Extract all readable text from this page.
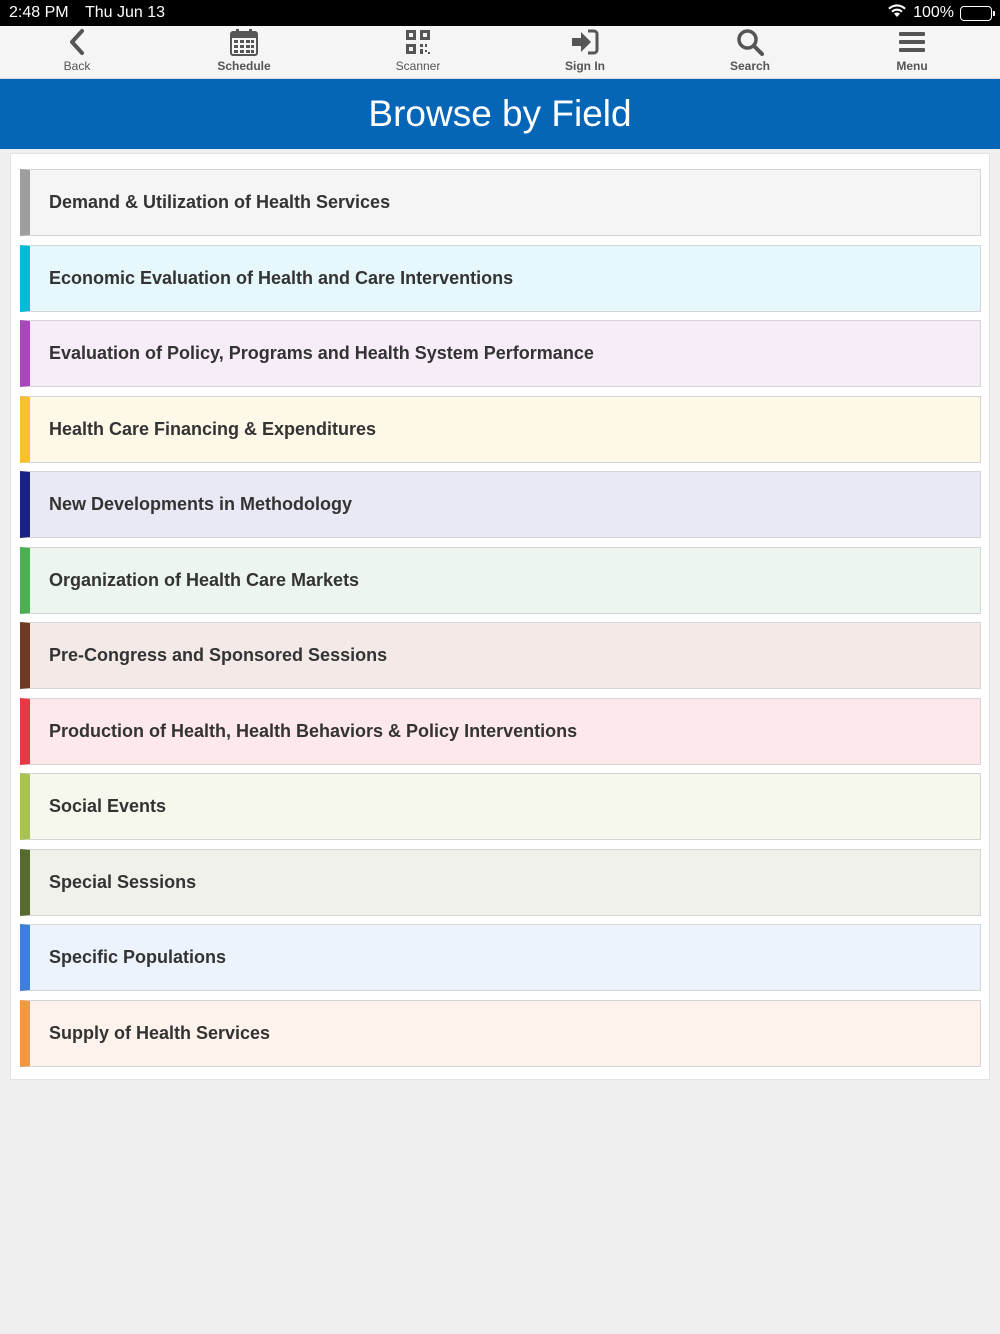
2:48 PM Thu Jun 13	100%
Back	Schedule	Scanner	Sign In	Search	Menu
Browse by Field
Demand & Utilization of Health Services
Economic Evaluation of Health and Care Interventions
Evaluation of Policy, Programs and Health System Performance
Health Care Financing & Expenditures
New Developments in Methodology
Organization of Health Care Markets
Pre-Congress and Sponsored Sessions
Production of Health, Health Behaviors & Policy Interventions
Social Events
Special Sessions
Specific Populations
Supply of Health Services
